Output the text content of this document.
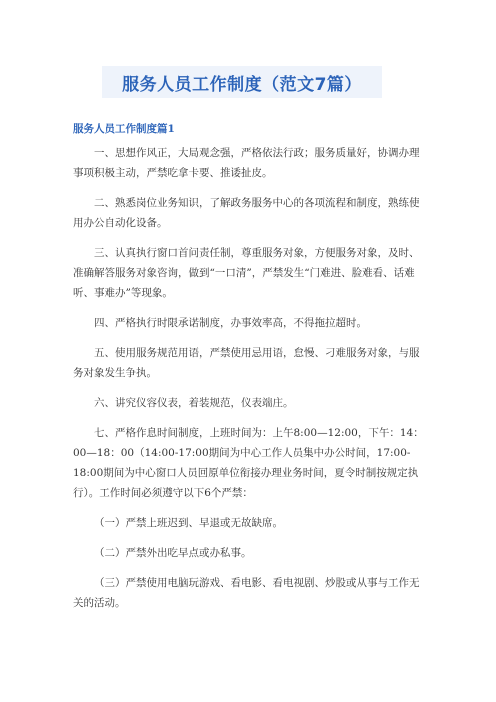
服务人员工作制度（范文7篇）
服务人员工作制度篇1

一、思想作风正，大局观念强，严格依法行政；服务质量好，协调办理事项积极主动，严禁吃拿卡要、推诿扯皮。

二、熟悉岗位业务知识，了解政务服务中心的各项流程和制度，熟练使用办公自动化设备。

三、认真执行窗口首问责任制，尊重服务对象，方便服务对象，及时、准确解答服务对象咨询，做到“一口清”，严禁发生“门难进、脸难看、话难听、事难办”等现象。

四、严格执行时限承诺制度，办事效率高，不得拖拉超时。

五、使用服务规范用语，严禁使用忌用语，怠慢、刁难服务对象，与服务对象发生争执。

六、讲究仪容仪表，着装规范，仪表端庄。

七、严格作息时间制度，上班时间为：上午8:00—12:00，下午：14：00—18：00（14:00-17:00期间为中心工作人员集中办公时间，17:00-18:00期间为中心窗口人员回原单位衔接办理业务时间，夏令时制按规定执行）。工作时间必须遵守以下6个严禁：

（一）严禁上班迟到、早退或无故缺席。

（二）严禁外出吃早点或办私事。

（三）严禁使用电脑玩游戏、看电影、看电视剧、炒股或从事与工作无关的活动。
